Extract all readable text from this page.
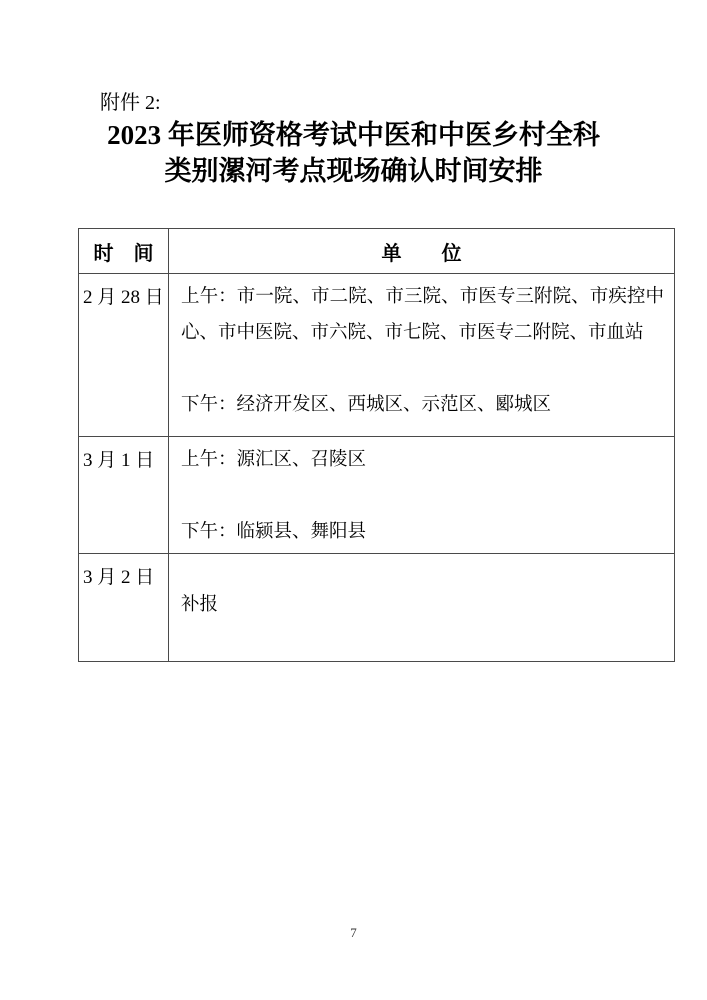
附件 2:
2023 年医师资格考试中医和中医乡村全科
类别漯河考点现场确认时间安排
时　间	单　　位
2 月 28 日	上午：市一院、市二院、市三院、市医专三附院、市疾控中心、市中医院、市六院、市七院、市医专二附院、市血站

下午：经济开发区、西城区、示范区、郾城区

3 月 1 日	上午：源汇区、召陵区

下午：临颍县、舞阳县

3 月 2 日	补报

7
